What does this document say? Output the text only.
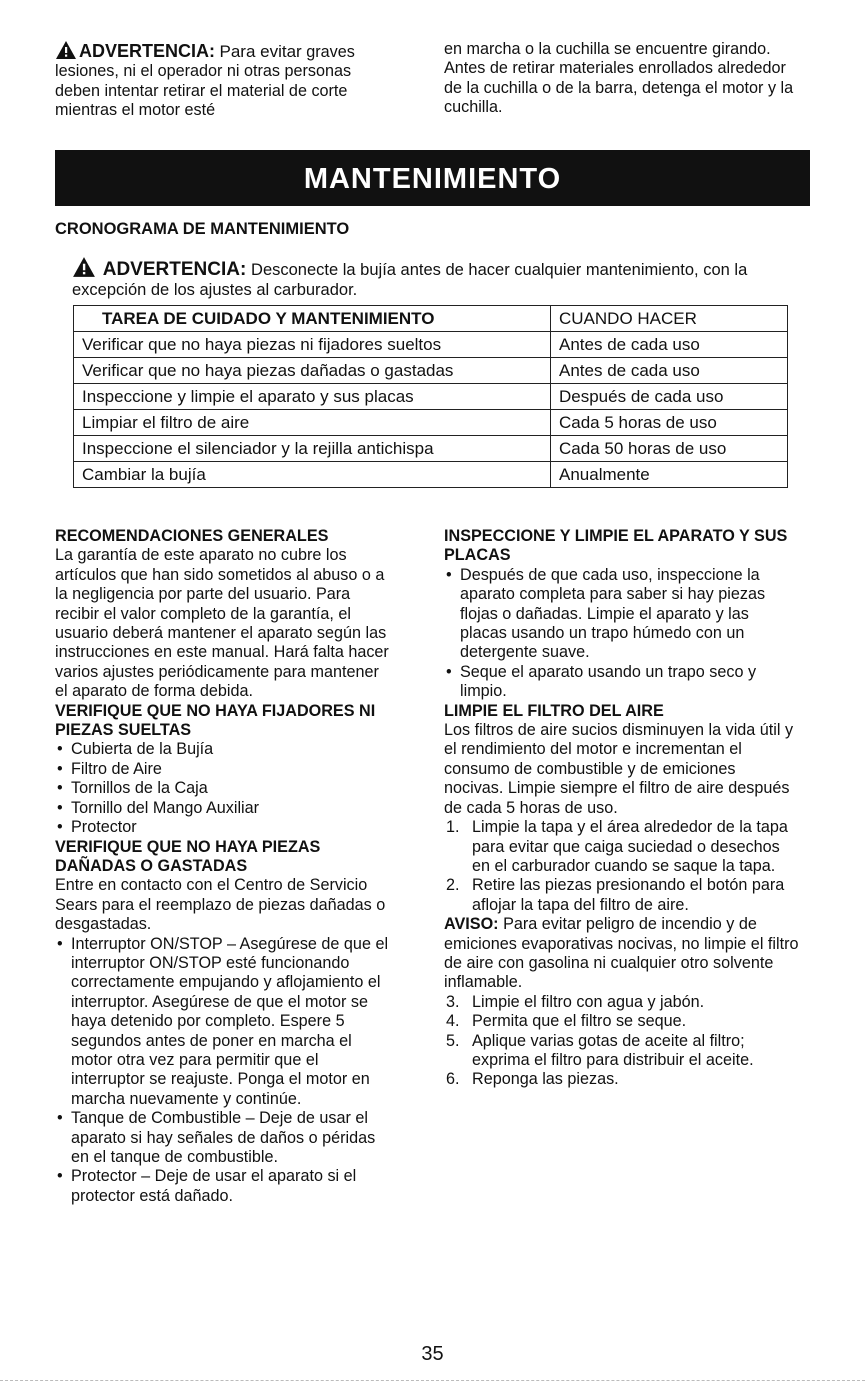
ADVERTENCIA: Para evitar graves lesiones, ni el operador ni otras personas deben intentar retirar el material de corte mientras el motor esté

en marcha o la cuchilla se encuentre girando. Antes de retirar materiales enrollados alrededor de la cuchilla o de la barra, detenga el motor y la cuchilla.

MANTENIMIENTO
CRONOGRAMA DE MANTENIMIENTO
ADVERTENCIA: Desconecte la bujía antes de hacer cualquier mantenimiento, con la excepción de los ajustes al carburador.
TAREA DE CUIDADO Y MANTENIMIENTO	CUANDO HACER
Verificar que no haya piezas ni fijadores sueltos	Antes de cada uso
Verificar que no haya piezas dañadas o gastadas	Antes de cada uso
Inspeccione y limpie el aparato y sus placas	Después de cada uso
Limpiar el filtro de aire	Cada 5 horas de uso
Inspeccione el silenciador y la rejilla antichispa	Cada 50 horas de uso
Cambiar la bujía	Anualmente

RECOMENDACIONES GENERALES

La garantía de este aparato no cubre los artículos que han sido sometidos al abuso o a la negligencia por parte del usuario. Para recibir el valor completo de la garantía, el usuario deberá mantener el aparato según las instrucciones en este manual. Hará falta hacer varios ajustes periódicamente para mantener el aparato de forma debida.

VERIFIQUE QUE NO HAYA FIJADORES NI PIEZAS SUELTAS

• Cubierta de la Bujía
• Filtro de Aire
• Tornillos de la Caja
• Tornillo del Mango Auxiliar
• Protector

VERIFIQUE QUE NO HAYA PIEZAS DAÑADAS O GASTADAS

Entre en contacto con el Centro de Servicio Sears para el reemplazo de piezas dañadas o desgastadas.

• Interruptor ON/STOP – Asegúrese de que el interruptor ON/STOP esté funcionando correctamente empujando y aflojamiento el interruptor. Asegúrese de que el motor se haya detenido por completo. Espere 5 segundos antes de poner en marcha el motor otra vez para permitir que el interruptor se reajuste. Ponga el motor en marcha nuevamente y continúe.
• Tanque de Combustible – Deje de usar el aparato si hay señales de daños o péridas en el tanque de combustible.
• Protector – Deje de usar el aparato si el protector está dañado.

INSPECCIONE Y LIMPIE EL APARATO Y SUS PLACAS

• Después de que cada uso, inspeccione la aparato completa para saber si hay piezas flojas o dañadas. Limpie el aparato y las placas usando un trapo húmedo con un detergente suave.
• Seque el aparato usando un trapo seco y limpio.

LIMPIE EL FILTRO DEL AIRE

Los filtros de aire sucios disminuyen la vida útil y el rendimiento del motor e incrementan el consumo de combustible y de emiciones nocivas. Limpie siempre el filtro de aire después de cada 5 horas de uso.

1. Limpie la tapa y el área alrededor de la tapa para evitar que caiga suciedad o desechos en el carburador cuando se saque la tapa.
2. Retire las piezas presionando el botón para aflojar la tapa del filtro de aire.

AVISO: Para evitar peligro de incendio y de emiciones evaporativas nocivas, no limpie el filtro de aire con gasolina ni cualquier otro solvente inflamable.

3. Limpie el filtro con agua y jabón.
4. Permita que el filtro se seque.
5. Aplique varias gotas de aceite al filtro; exprima el filtro para distribuir el aceite.
6. Reponga las piezas.
35
